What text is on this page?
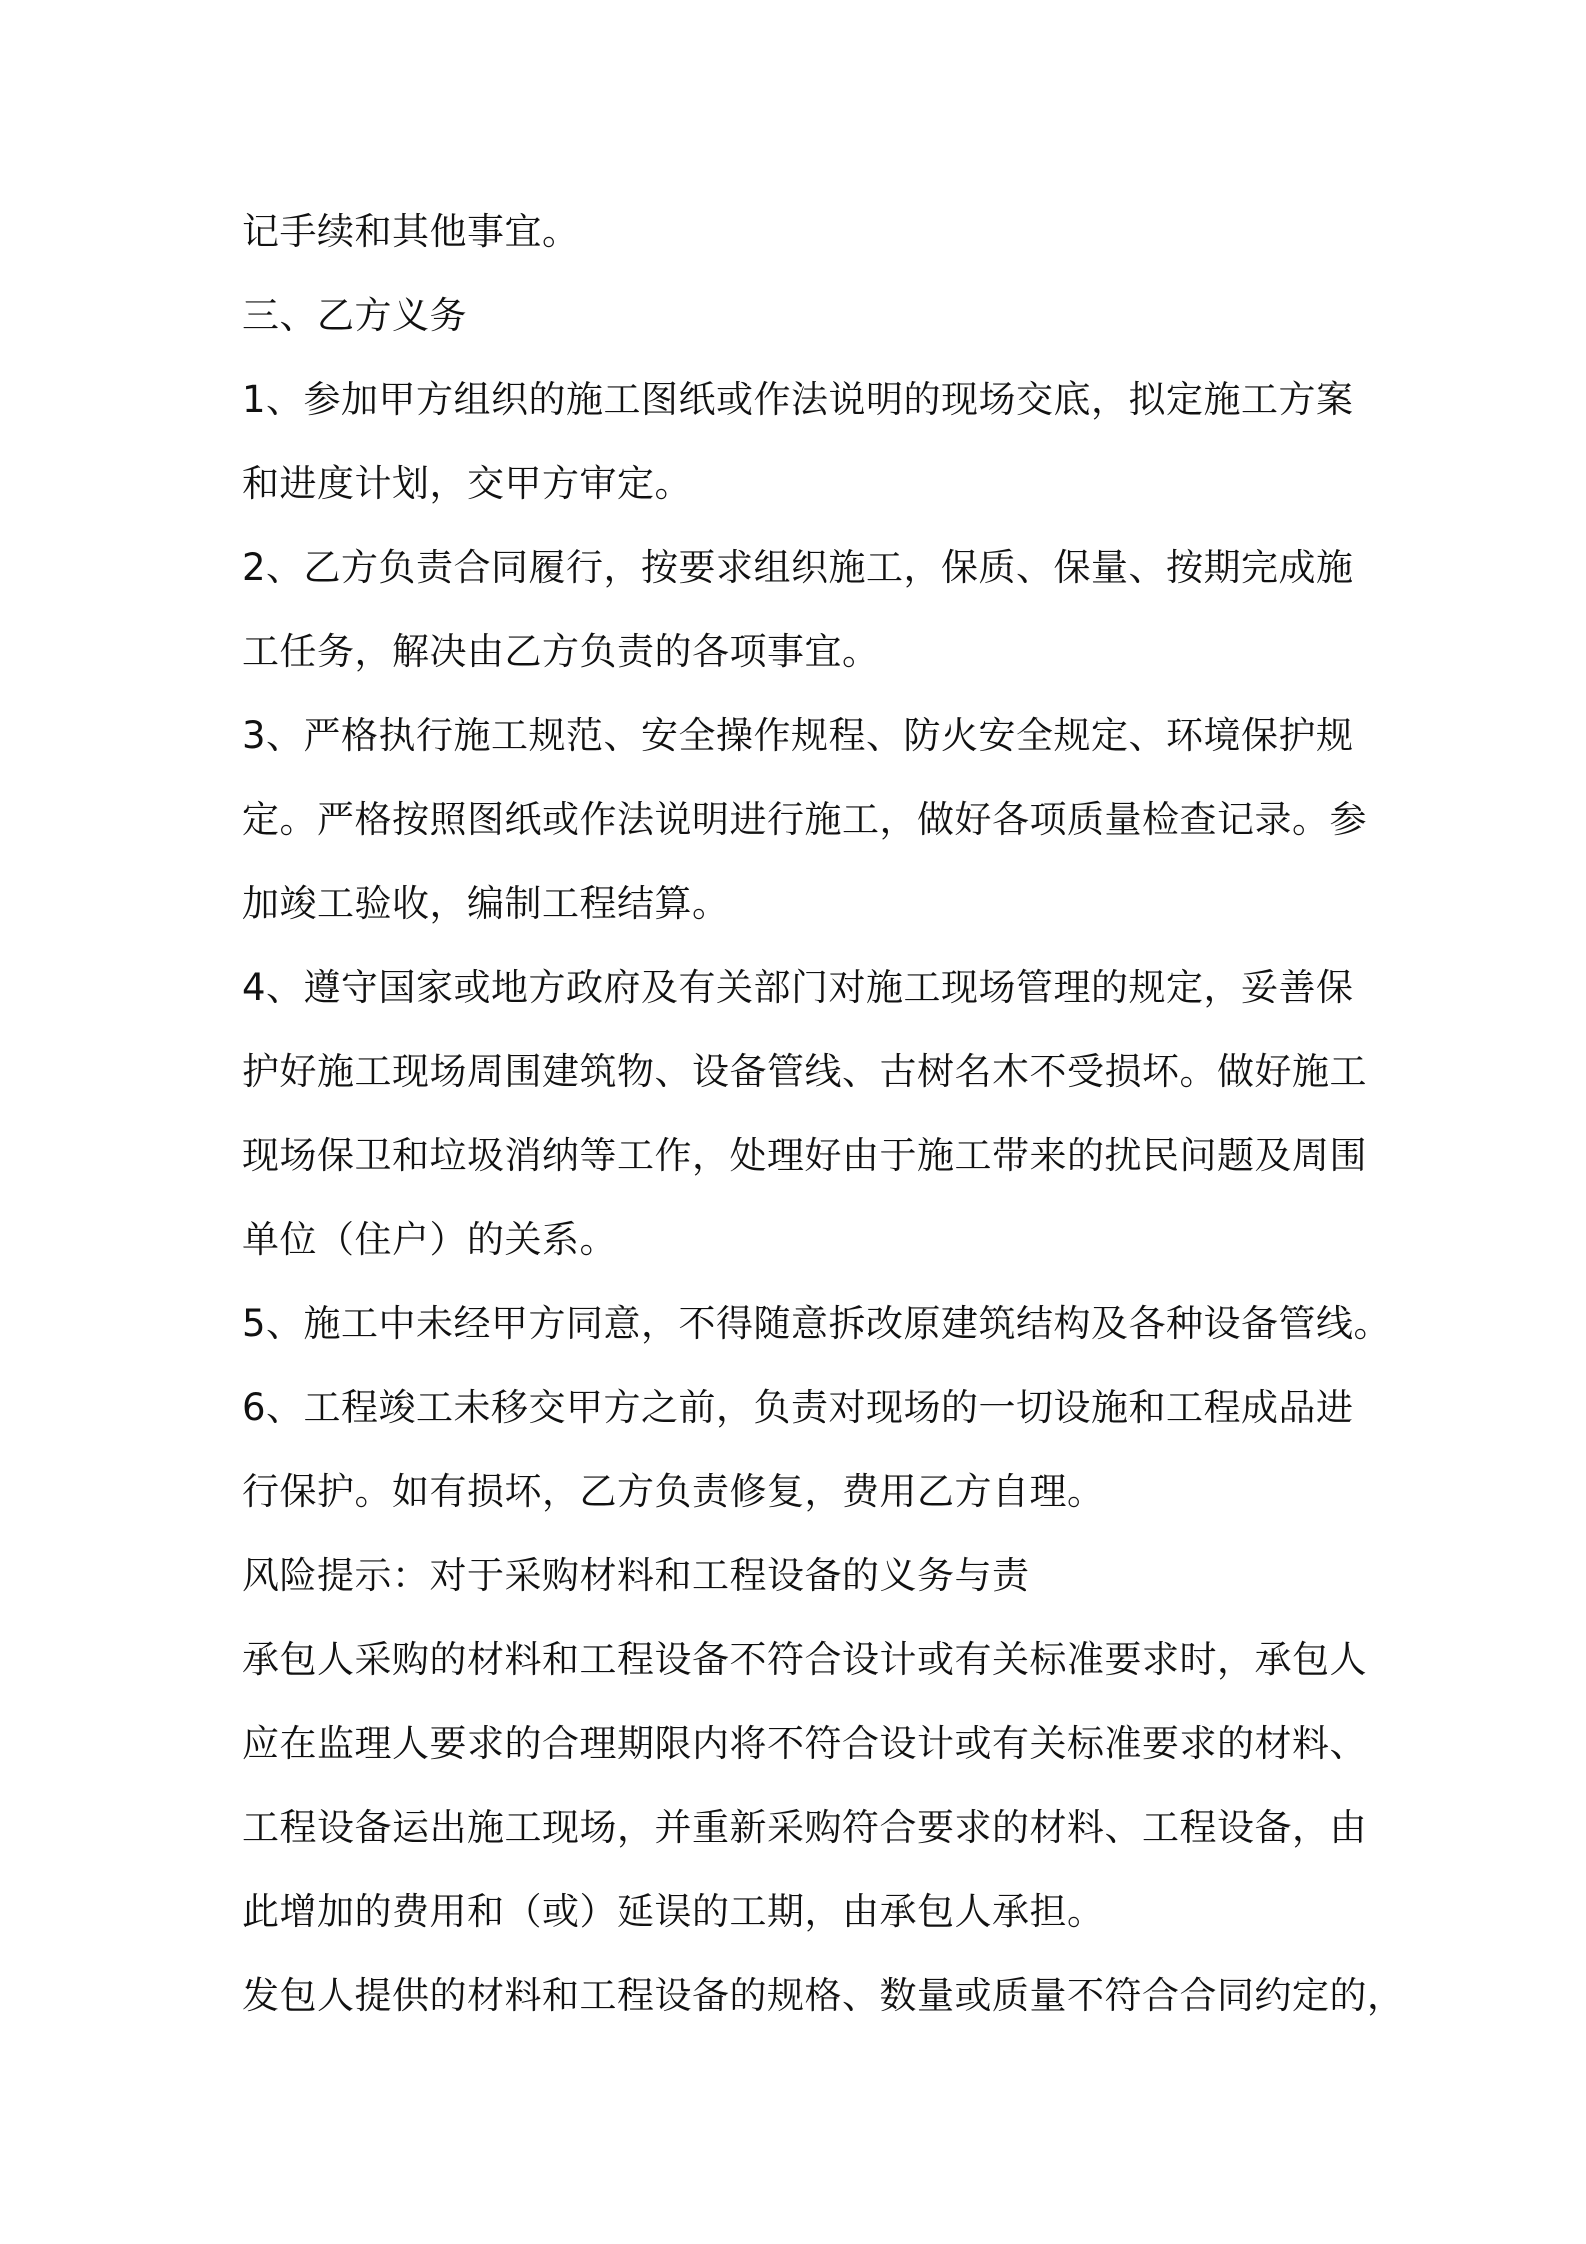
记手续和其他事宜。
三、乙方义务
1、参加甲方组织的施工图纸或作法说明的现场交底，拟定施工方案
和进度计划，交甲方审定。
2、乙方负责合同履行，按要求组织施工，保质、保量、按期完成施
工任务，解决由乙方负责的各项事宜。
3、严格执行施工规范、安全操作规程、防火安全规定、环境保护规
定。严格按照图纸或作法说明进行施工，做好各项质量检查记录。参
加竣工验收，编制工程结算。
4、遵守国家或地方政府及有关部门对施工现场管理的规定，妥善保
护好施工现场周围建筑物、设备管线、古树名木不受损坏。做好施工
现场保卫和垃圾消纳等工作，处理好由于施工带来的扰民问题及周围
单位（住户）的关系。
5、施工中未经甲方同意，不得随意拆改原建筑结构及各种设备管线。
6、工程竣工未移交甲方之前，负责对现场的一切设施和工程成品进
行保护。如有损坏，乙方负责修复，费用乙方自理。
风险提示：对于采购材料和工程设备的义务与责
承包人采购的材料和工程设备不符合设计或有关标准要求时，承包人
应在监理人要求的合理期限内将不符合设计或有关标准要求的材料、
工程设备运出施工现场，并重新采购符合要求的材料、工程设备，由
此增加的费用和（或）延误的工期，由承包人承担。
发包人提供的材料和工程设备的规格、数量或质量不符合合同约定的，
